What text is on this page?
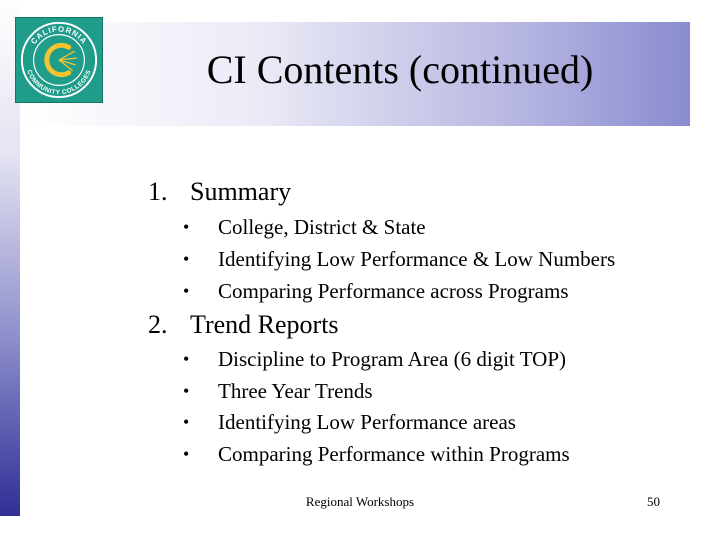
CALIFORNIA
COMMUNITY COLLEGES	CI Contents (continued)
1. Summary
• College, District & State
• Identifying Low Performance & Low Numbers
• Comparing Performance across Programs
2. Trend Reports
• Discipline to Program Area (6 digit TOP)
• Three Year Trends
• Identifying Low Performance areas
• Comparing Performance within Programs
Regional Workshops	50
